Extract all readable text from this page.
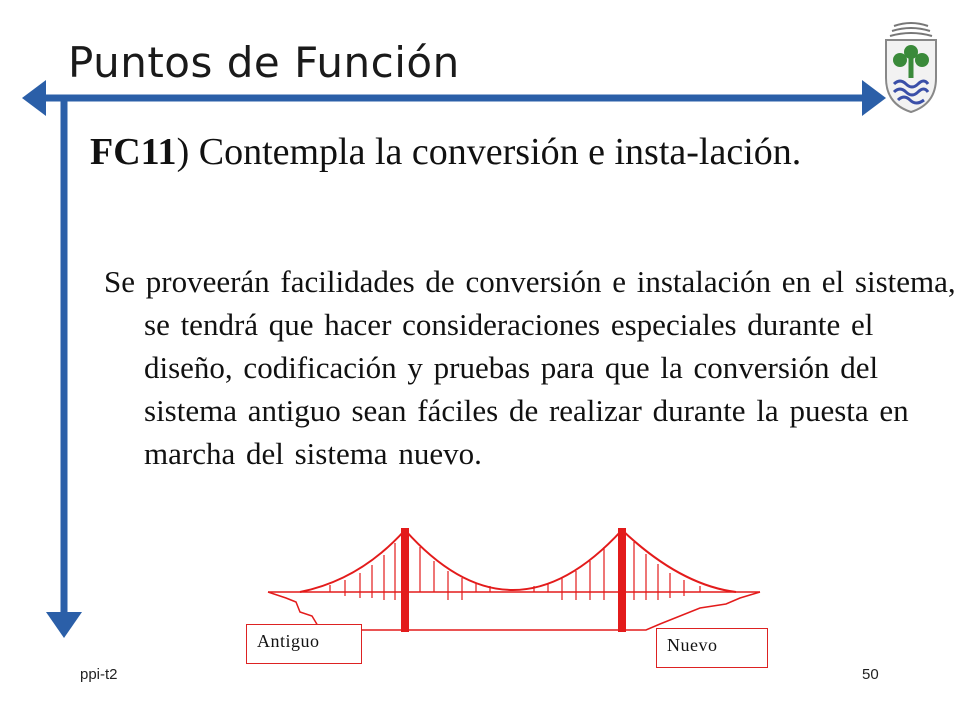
Puntos de Función
FC11) Contempla la conversión e insta-lación.
Se proveerán facilidades de conversión e instalación en el sistema, se tendrá que hacer consideraciones especiales durante el diseño, codificación y pruebas para que la conversión del sistema antiguo sean fáciles de realizar durante la puesta en marcha del sistema nuevo.
Antiguo	Nuevo
ppi-t2	50
